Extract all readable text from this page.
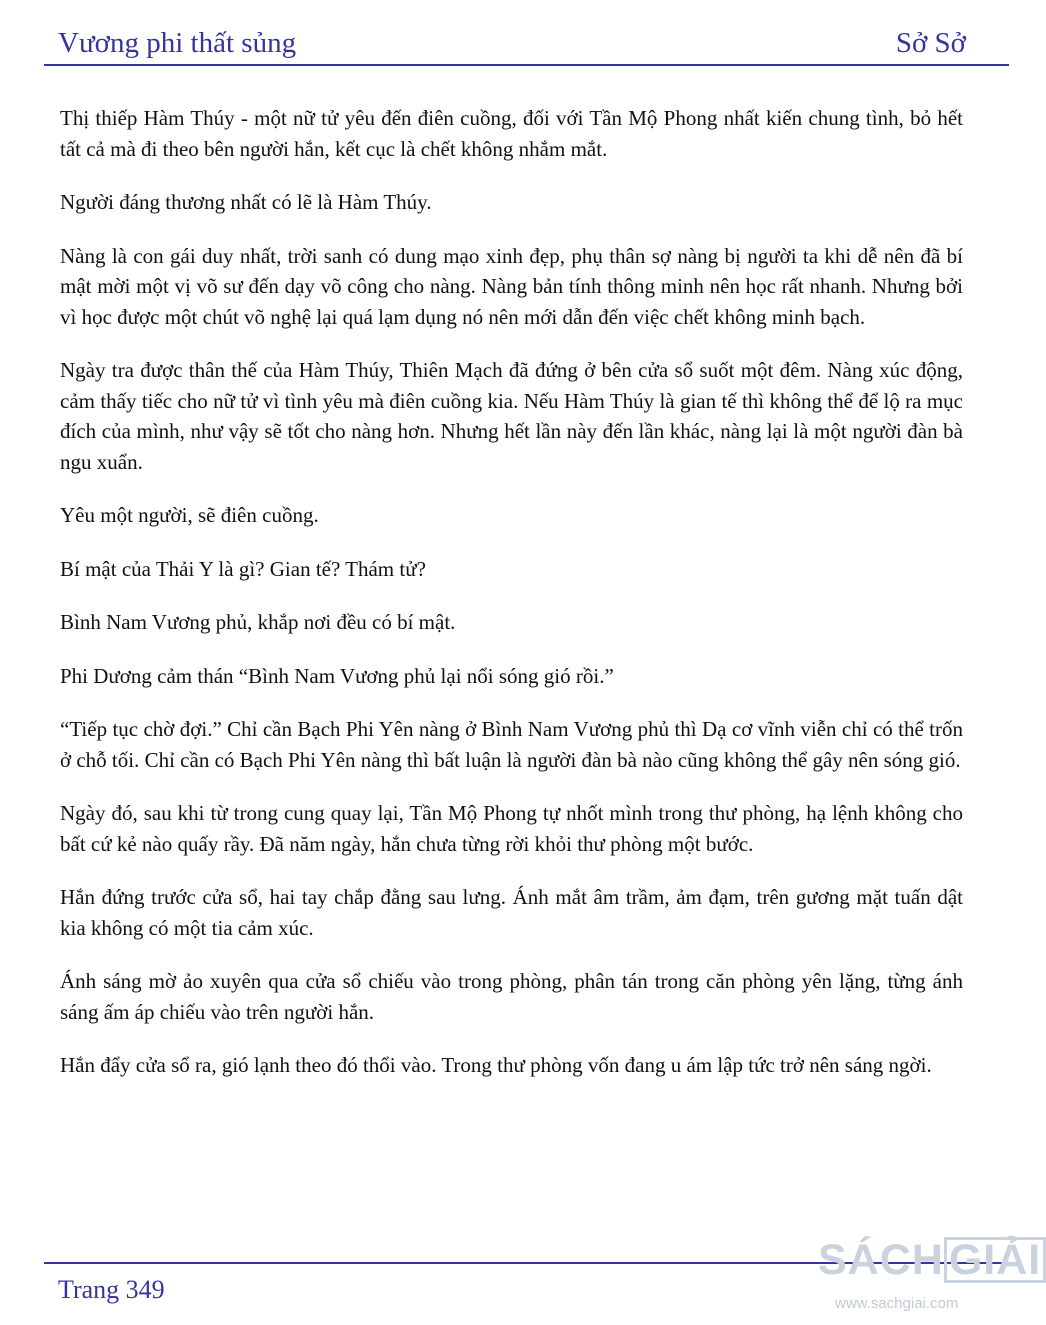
Vương phi thất sủng	Sở Sở

Thị thiếp Hàm Thúy - một nữ tử yêu đến điên cuồng, đối với Tần Mộ Phong nhất kiến chung tình, bỏ hết tất cả mà đi theo bên người hắn, kết cục là chết không nhắm mắt.

Người đáng thương nhất có lẽ là Hàm Thúy.

Nàng là con gái duy nhất, trời sanh có dung mạo xinh đẹp, phụ thân sợ nàng bị người ta khi dễ nên đã bí mật mời một vị võ sư đến dạy võ công cho nàng. Nàng bản tính thông minh nên học rất nhanh. Nhưng bởi vì học được một chút võ nghệ lại quá lạm dụng nó nên mới dẫn đến việc chết không minh bạch.

Ngày tra được thân thế của Hàm Thúy, Thiên Mạch đã đứng ở bên cửa sổ suốt một đêm. Nàng xúc động, cảm thấy tiếc cho nữ tử vì tình yêu mà điên cuồng kia. Nếu Hàm Thúy là gian tế thì không thể để lộ ra mục đích của mình, như vậy sẽ tốt cho nàng hơn. Nhưng hết lần này đến lần khác, nàng lại là một người đàn bà ngu xuẩn.

Yêu một người, sẽ điên cuồng.

Bí mật của Thải Y là gì? Gian tế? Thám tử?

Bình Nam Vương phủ, khắp nơi đều có bí mật.

Phi Dương cảm thán “Bình Nam Vương phủ lại nổi sóng gió rồi.”

“Tiếp tục chờ đợi.” Chỉ cần Bạch Phi Yên nàng ở Bình Nam Vương phủ thì Dạ cơ vĩnh viễn chỉ có thể trốn ở chỗ tối. Chỉ cần có Bạch Phi Yên nàng thì bất luận là người đàn bà nào cũng không thể gây nên sóng gió.

Ngày đó, sau khi từ trong cung quay lại, Tần Mộ Phong tự nhốt mình trong thư phòng, hạ lệnh không cho bất cứ kẻ nào quấy rầy. Đã năm ngày, hắn chưa từng rời khỏi thư phòng một bước.

Hắn đứng trước cửa sổ, hai tay chắp đằng sau lưng. Ánh mắt âm trầm, ảm đạm, trên gương mặt tuấn dật kia không có một tia cảm xúc.

Ánh sáng mờ ảo xuyên qua cửa sổ chiếu vào trong phòng, phân tán trong căn phòng yên lặng, từng ánh sáng ấm áp chiếu vào trên người hắn.

Hắn đẩy cửa sổ ra, gió lạnh theo đó thổi vào. Trong thư phòng vốn đang u ám lập tức trở nên sáng ngời.

Trang 349
SÁCH GIẢI
www.sachgiai.com
